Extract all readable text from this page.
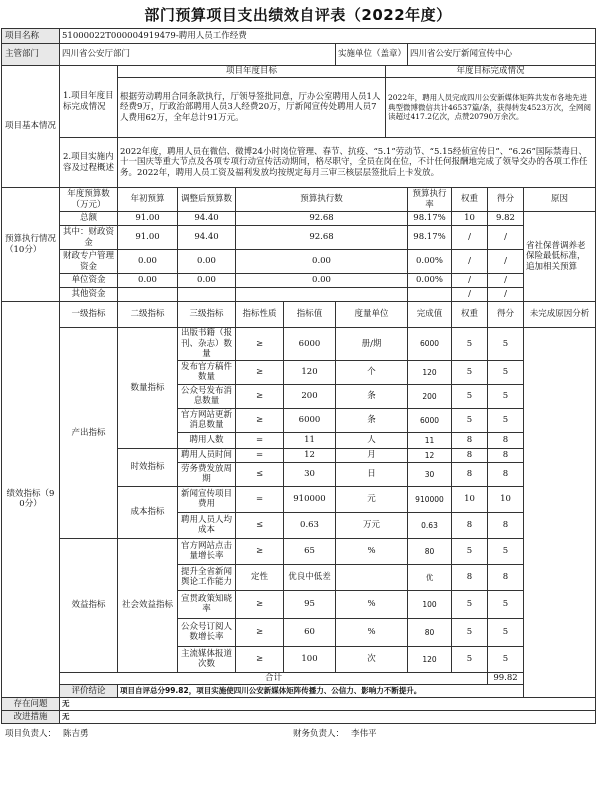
部门预算项目支出绩效自评表（2022年度）
项目名称	51000022T000004919479-聘用人员工作经费											
主管部门	四川省公安厅部门					实施单位（盖章）		四川省公安厅新闻宣传中心				
项目基本情况	1.项目年度目标完成情况	项目年度目标					年度目标完成情况					
		根据劳动聘用合同条款执行，厅领导签批同意，厅办公室聘用人员1人经费9万，厅政治部聘用人员3人经费20万，厅新闻宣传处聘用人员7人费用62万，全年总计91万元。					2022年，聘用人员完成四川公安新媒体矩阵共发布各地先进典型微博微信共计46537篇/条，获得转发4523万次，全网阅读超过417.2亿次，点赞20790万余次。					
	2.项目实施内容及过程概述	2022年度，聘用人员在微信、微博24小时岗位管理、春节、抗疫、“5.1”劳动节、“5.15经侦宣传日”、“6.26”国际禁毒日、十一国庆等重大节点及各项专项行动宣传活动期间，格尽职守，全员在岗在位，不计任何报酬地完成了领导交办的各项工作任务。2022年，聘用人员工资及福利发放均按规定每月三审三核层层签批后上卡发放。										
预算执行情况（10分）	年度预算数（万元）	年初预算	调整后预算数	预算执行数				预算执行率	权重	得分	原因	
	总额	91.00	94.40	92.68				98.17%	10	9.82	省社保普调养老保险最低标准，追加相关预算	
	其中：财政资金	91.00	94.40	92.68				98.17%	/	/		
	财政专户管理资金	0.00	0.00	0.00				0.00%	/	/		
	单位资金	0.00	0.00	0.00				0.00%	/	/		
	其他资金								/	/		
绩效指标（90分）	一级指标	二级指标	三级指标	指标性质	指标值	度量单位		完成值	权重	得分	未完成原因分析	
	产出指标	数量指标	出版书籍（报刊、杂志）数量	≥	6000	册/期		6000	5	5		
			发布官方稿件数量	≥	120	个		120	5	5		
			公众号发布消息数量	≥	200	条		200	5	5		
			官方网站更新消息数量	≥	6000	条		6000	5	5		
			聘用人数	=	11	人		11	8	8		
		时效指标	聘用人员时间	=	12	月		12	8	8		
			劳务费发放周期	≤	30	日		30	8	8		
		成本指标	新闻宣传项目费用	=	910000	元		910000	10	10		
			聘用人员人均成本	≤	0.63	万元		0.63	8	8		
	效益指标	社会效益指标	官方网站点击量增长率	≥	65	%		80	5	5		
			提升全省新闻舆论工作能力	定性	优良中低差			优	8	8		
			宣贯政策知晓率	≥	95	%		100	5	5		
			公众号订阅人数增长率	≥	60	%		80	5	5		
			主流媒体报道次数	≥	100	次		120	5	5		
	合计									99.82		
	评价结论	项目自评总分99.82，项目实施使四川公安新媒体矩阵传播力、公信力、影响力不断提升。										
存在问题	无											
改进措施	无											
项目负责人： 陈吉勇	财务负责人： 李伟平
